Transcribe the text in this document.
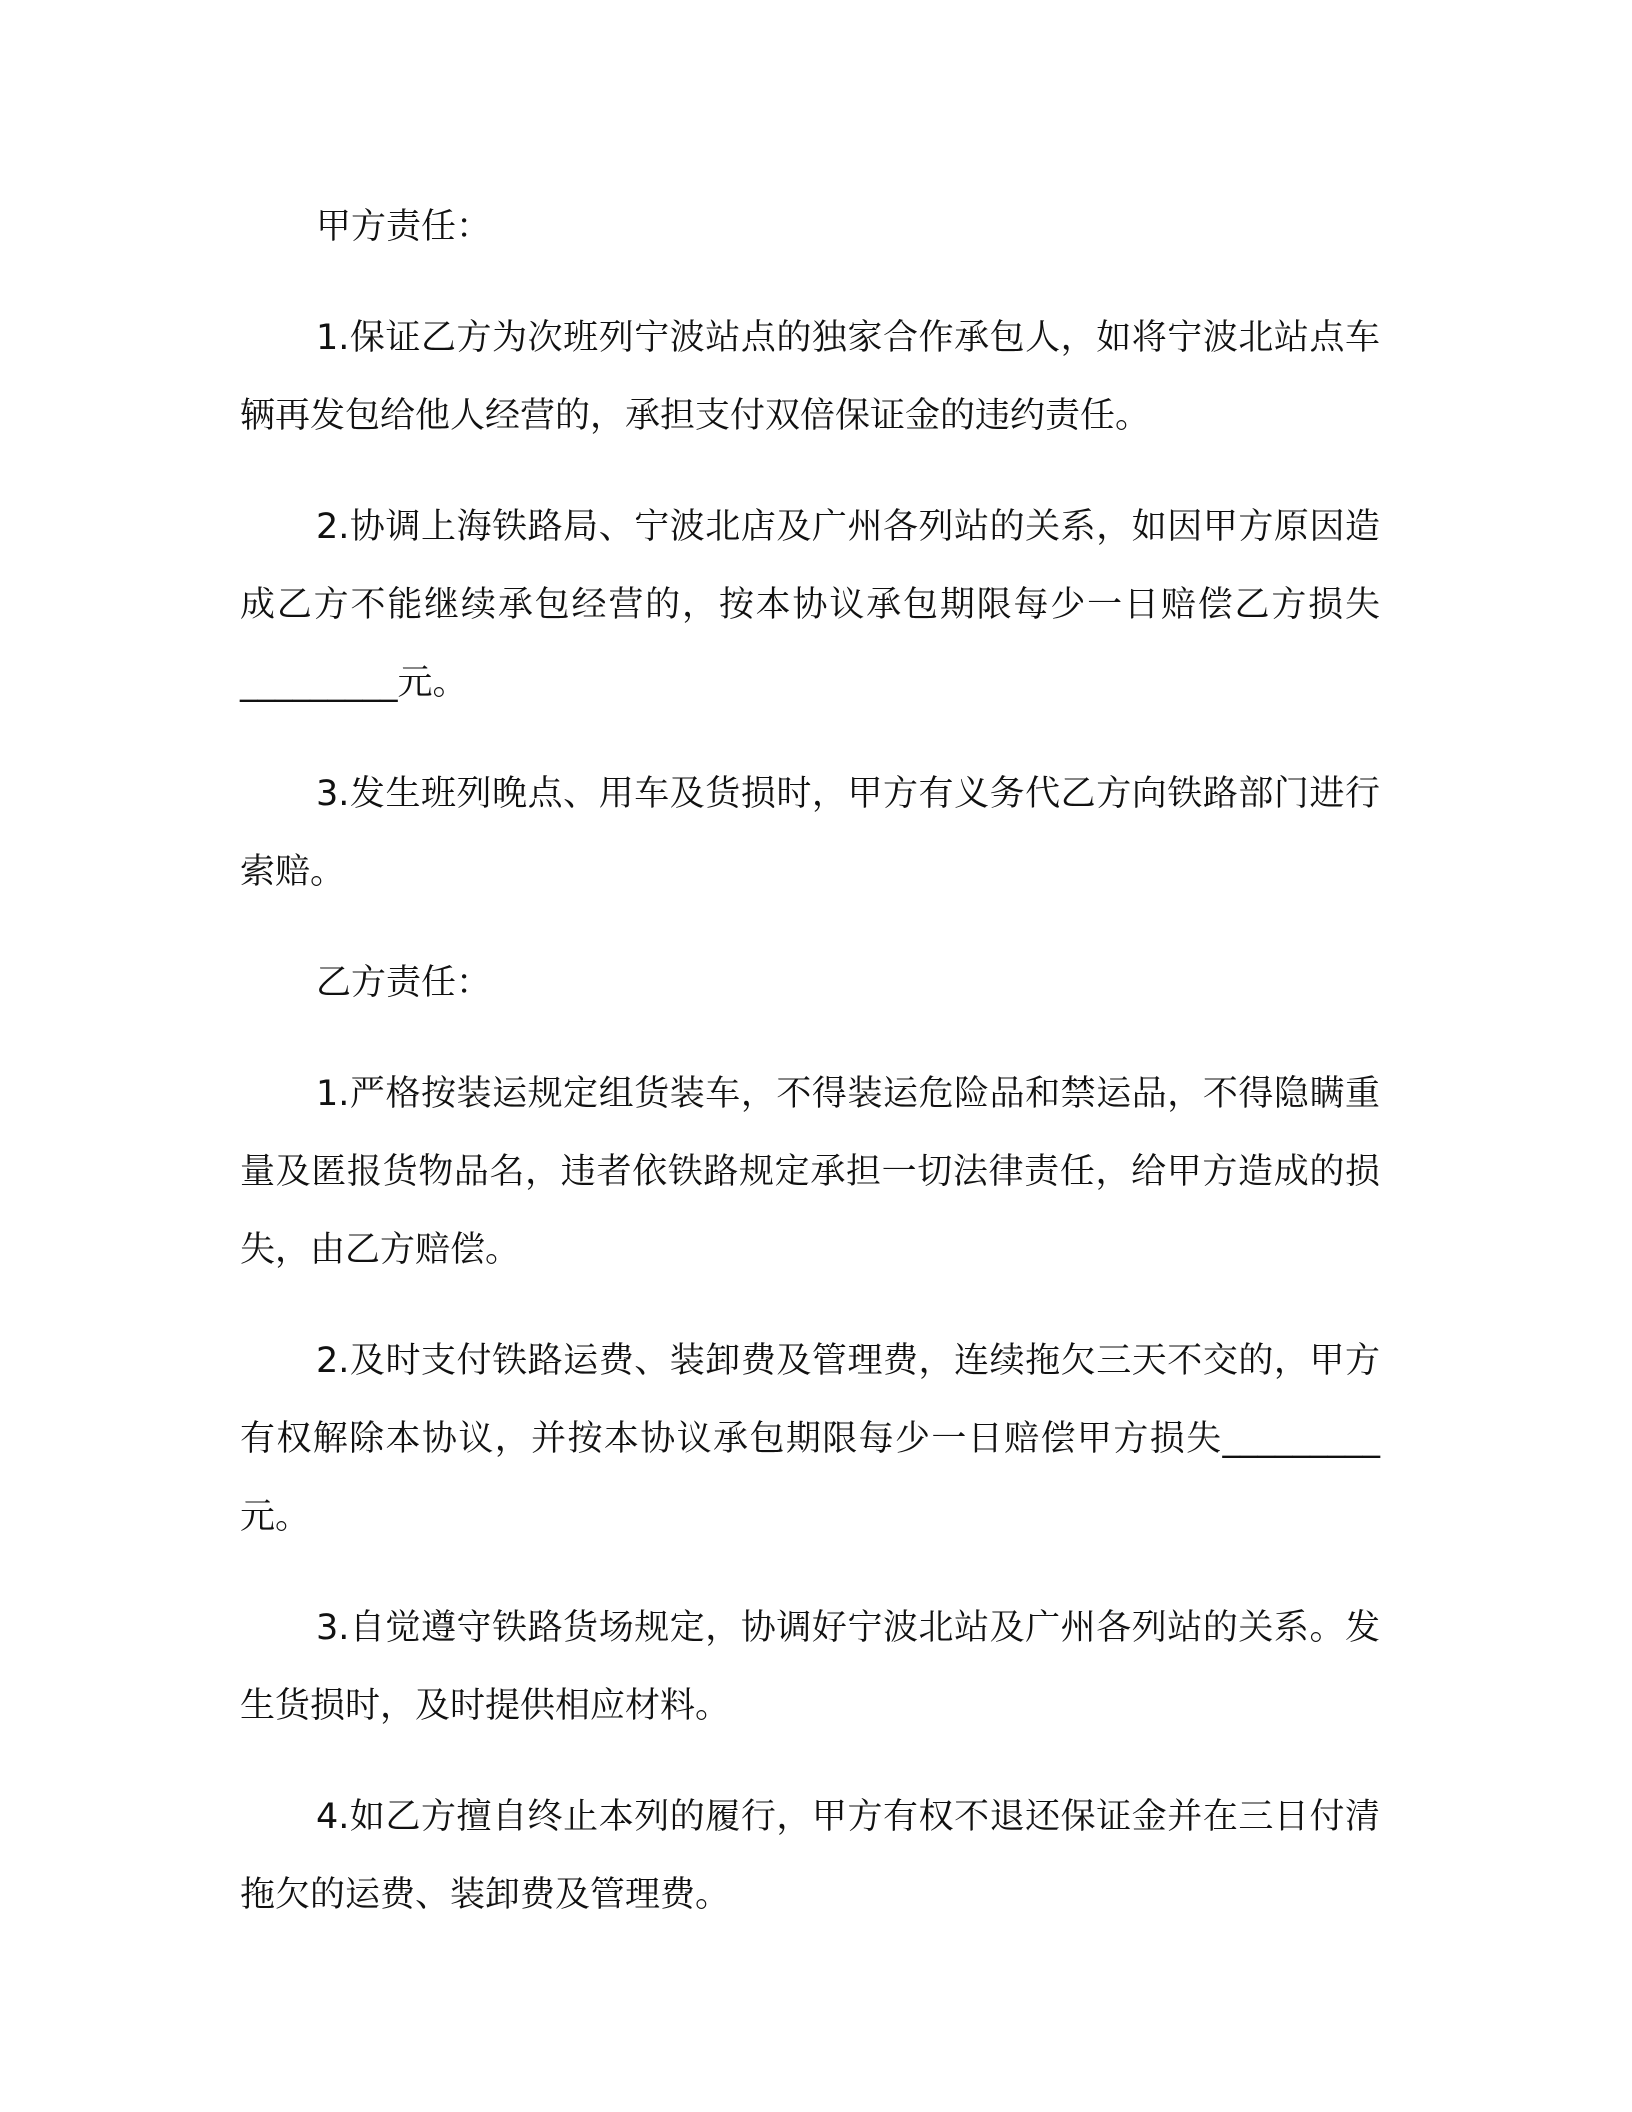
甲方责任：

1.保证乙方为次班列宁波站点的独家合作承包人，如将宁波北站点车辆再发包给他人经营的，承担支付双倍保证金的违约责任。

2.协调上海铁路局、宁波北店及广州各列站的关系，如因甲方原因造成乙方不能继续承包经营的，按本协议承包期限每少一日赔偿乙方损失_________元。

3.发生班列晚点、用车及货损时，甲方有义务代乙方向铁路部门进行索赔。

乙方责任：

1.严格按装运规定组货装车，不得装运危险品和禁运品，不得隐瞒重量及匿报货物品名，违者依铁路规定承担一切法律责任，给甲方造成的损失，由乙方赔偿。

2.及时支付铁路运费、装卸费及管理费，连续拖欠三天不交的，甲方有权解除本协议，并按本协议承包期限每少一日赔偿甲方损失_________元。

3.自觉遵守铁路货场规定，协调好宁波北站及广州各列站的关系。发生货损时，及时提供相应材料。

4.如乙方擅自终止本列的履行，甲方有权不退还保证金并在三日付清拖欠的运费、装卸费及管理费。
